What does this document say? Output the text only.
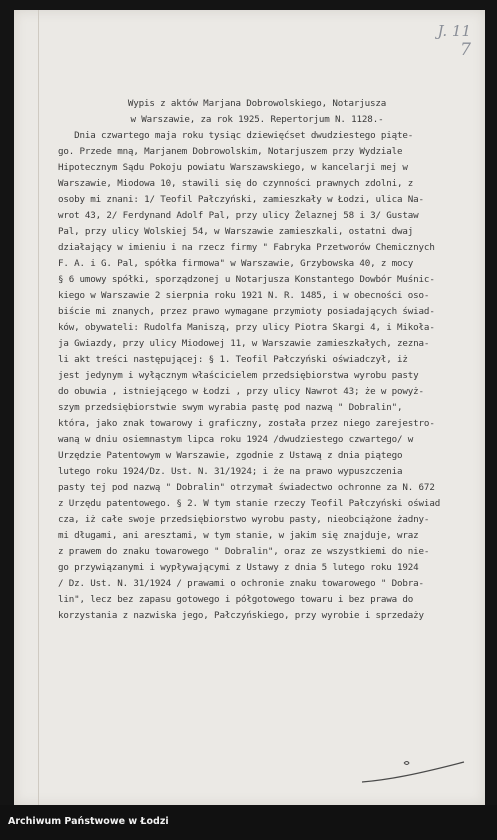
J. 11
7
Wypis z aktów Marjana Dobrowolskiego, Notarjusza
w Warszawie, za rok 1925. Repertorjum N. 1128.-
Dnia czwartego maja roku tysiąc dziewięćset dwudziestego piąte-
go. Przede mną, Marjanem Dobrowolskim, Notarjuszem przy Wydziale
Hipotecznym Sądu Pokoju powiatu Warszawskiego, w kancelarji mej w
Warszawie, Miodowa 10, stawili się do czynności prawnych zdolni, z
osoby mi znani: 1/ Teofil Pałczyński, zamieszkały w Łodzi, ulica Na-
wrot 43, 2/ Ferdynand Adolf Pal, przy ulicy Żelaznej 58 i 3/ Gustaw
Pal, przy ulicy Wolskiej 54, w Warszawie zamieszkali, ostatni dwaj
działający w imieniu i na rzecz firmy " Fabryka Przetworów Chemicznych
F. A. i G. Pal, spółka firmowa" w Warszawie, Grzybowska 40, z mocy
§ 6 umowy spółki, sporządzonej u Notarjusza Konstantego Dowbór Muśnic-
kiego w Warszawie 2 sierpnia roku 1921 N. R. 1485, i w obecności oso-
biście mi znanych, przez prawo wymagane przymioty posiadających świad-
ków, obywateli: Rudolfa Maniszą, przy ulicy Piotra Skargi 4, i Mikoła-
ja Gwiazdy, przy ulicy Miodowej 11, w Warszawie zamieszkałych, zezna-
li akt treści następującej: § 1. Teofil Pałczyński oświadczył, iż
jest jedynym i wyłącznym właścicielem przedsiębiorstwa wyrobu pasty
do obuwia , istniejącego w Łodzi , przy ulicy Nawrot 43; że w powyż-
szym przedsiębiorstwie swym wyrabia pastę pod nazwą " Dobralin",
która, jako znak towarowy i graficzny, została przez niego zarejestro-
waną w dniu osiemnastym lipca roku 1924 /dwudziestego czwartego/ w
Urzędzie Patentowym w Warszawie, zgodnie z Ustawą z dnia piątego
lutego roku 1924/Dz. Ust. N. 31/1924; i że na prawo wypuszczenia
pasty tej pod nazwą " Dobralin" otrzymał świadectwo ochronne za N. 672
z Urzędu patentowego. § 2. W tym stanie rzeczy Teofil Pałczyński oświad
cza, iż całe swoje przedsiębiorstwo wyrobu pasty, nieobciążone żadny-
mi długami, ani aresztami, w tym stanie, w jakim się znajduje, wraz
z prawem do znaku towarowego " Dobralin", oraz ze wszystkiemi do nie-
go przywiązanymi i wypływającymi z Ustawy z dnia 5 lutego roku 1924
/ Dz. Ust. N. 31/1924 / prawami o ochronie znaku towarowego " Dobra-
lin", lecz bez zapasu gotowego i półgotowego towaru i bez prawa do
korzystania z nazwiska jego, Pałczyńskiego, przy wyrobie i sprzedaży
Archiwum Państwowe w Łodzi
